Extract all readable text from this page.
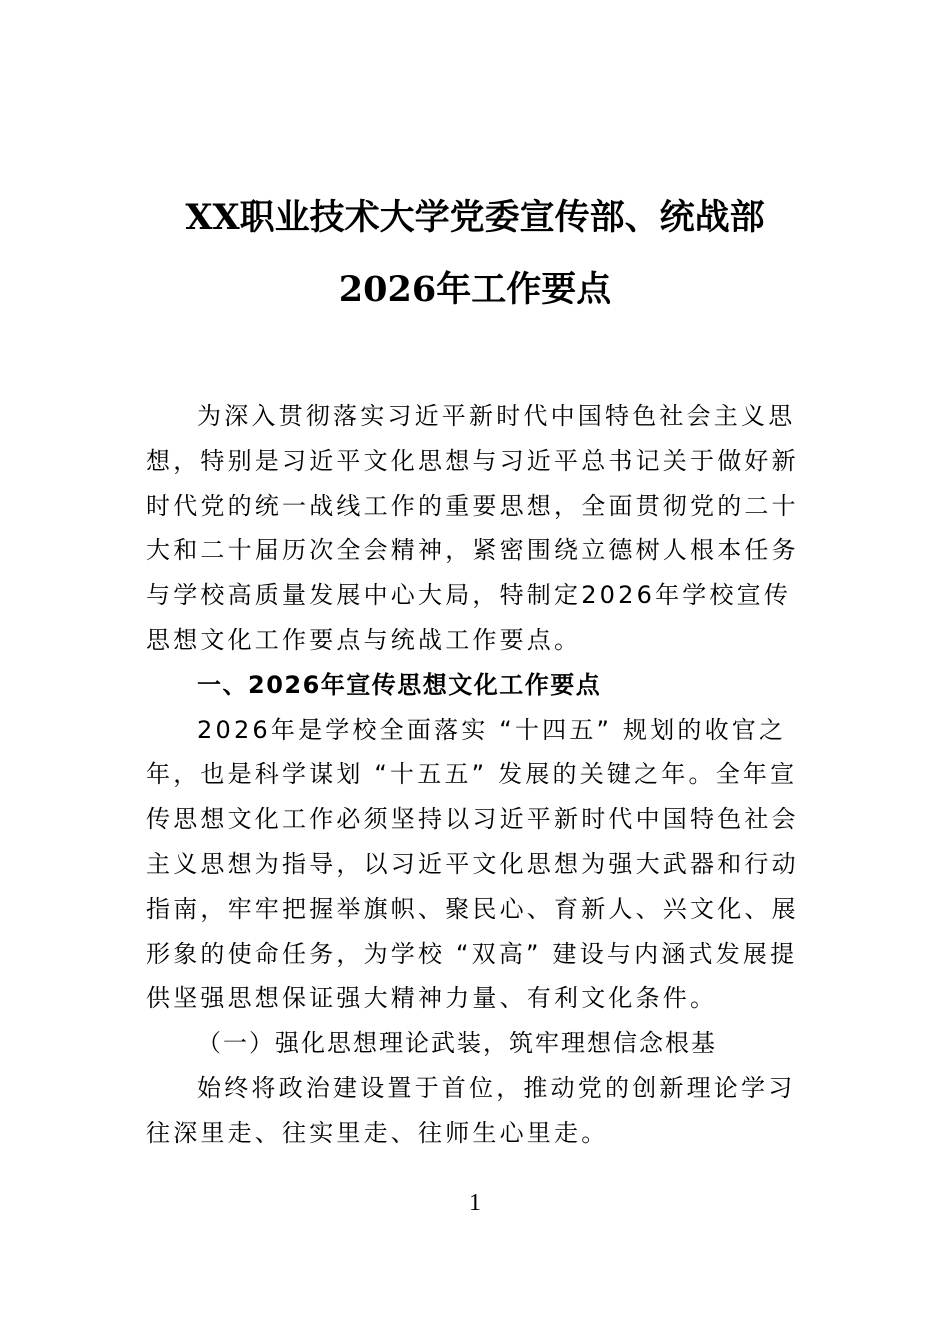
XX职业技术大学党委宣传部、统战部
2026年工作要点

为深入贯彻落实习近平新时代中国特色社会主义思想，特别是习近平文化思想与习近平总书记关于做好新时代党的统一战线工作的重要思想，全面贯彻党的二十大和二十届历次全会精神，紧密围绕立德树人根本任务与学校高质量发展中心大局，特制定2026年学校宣传思想文化工作要点与统战工作要点。

一、2026年宣传思想文化工作要点

2026年是学校全面落实 “十四五” 规划的收官之年，也是科学谋划 “十五五” 发展的关键之年。全年宣传思想文化工作必须坚持以习近平新时代中国特色社会主义思想为指导，以习近平文化思想为强大武器和行动指南，牢牢把握举旗帜、聚民心、育新人、兴文化、展形象的使命任务，为学校 “双高” 建设与内涵式发展提供坚强思想保证强大精神力量、有利文化条件。

（一）强化思想理论武装，筑牢理想信念根基

始终将政治建设置于首位，推动党的创新理论学习往深里走、往实里走、往师生心里走。

1
